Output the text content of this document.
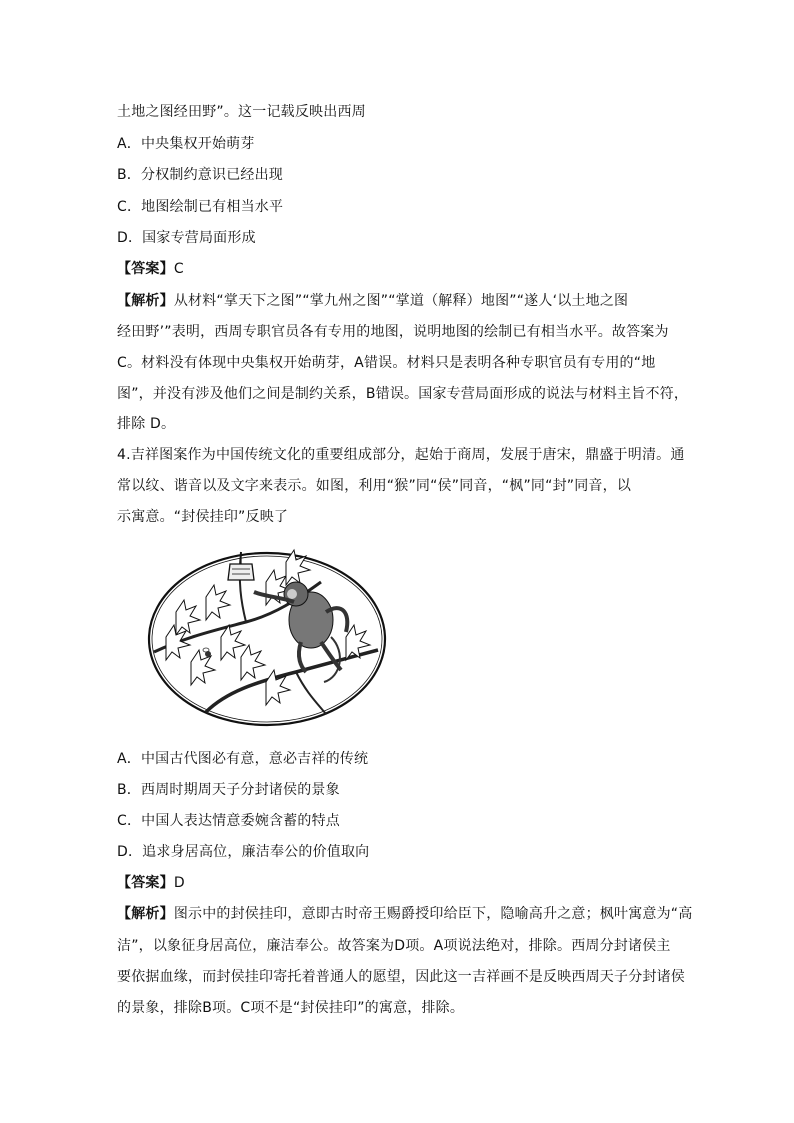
土地之图经田野”。这一记载反映出西周
A．中央集权开始萌芽
B．分权制约意识已经出现
C．地图绘制已有相当水平
D．国家专营局面形成
【答案】C
【解析】从材料“掌天下之图”“掌九州之图”“掌道（解释）地图”“遂人‘以土地之图
经田野’”表明，西周专职官员各有专用的地图，说明地图的绘制已有相当水平。故答案为
C。材料没有体现中央集权开始萌芽，A错误。材料只是表明各种专职官员有专用的“地
图”，并没有涉及他们之间是制约关系，B错误。国家专营局面形成的说法与材料主旨不符，
排除 D。
4.吉祥图案作为中国传统文化的重要组成部分，起始于商周，发展于唐宋，鼎盛于明清。通
常以纹、谐音以及文字来表示。如图，利用“猴”同“侯”同音，“枫”同“封”同音，以
示寓意。“封侯挂印”反映了
A．中国古代图必有意，意必吉祥的传统
B．西周时期周天子分封诸侯的景象
C．中国人表达情意委婉含蓄的特点
D．追求身居高位，廉洁奉公的价值取向
【答案】D
【解析】图示中的封侯挂印，意即古时帝王赐爵授印给臣下，隐喻高升之意；枫叶寓意为“高
洁”，以象征身居高位，廉洁奉公。故答案为D项。A项说法绝对，排除。西周分封诸侯主
要依据血缘，而封侯挂印寄托着普通人的愿望，因此这一吉祥画不是反映西周天子分封诸侯
的景象，排除B项。C项不是“封侯挂印”的寓意，排除。
